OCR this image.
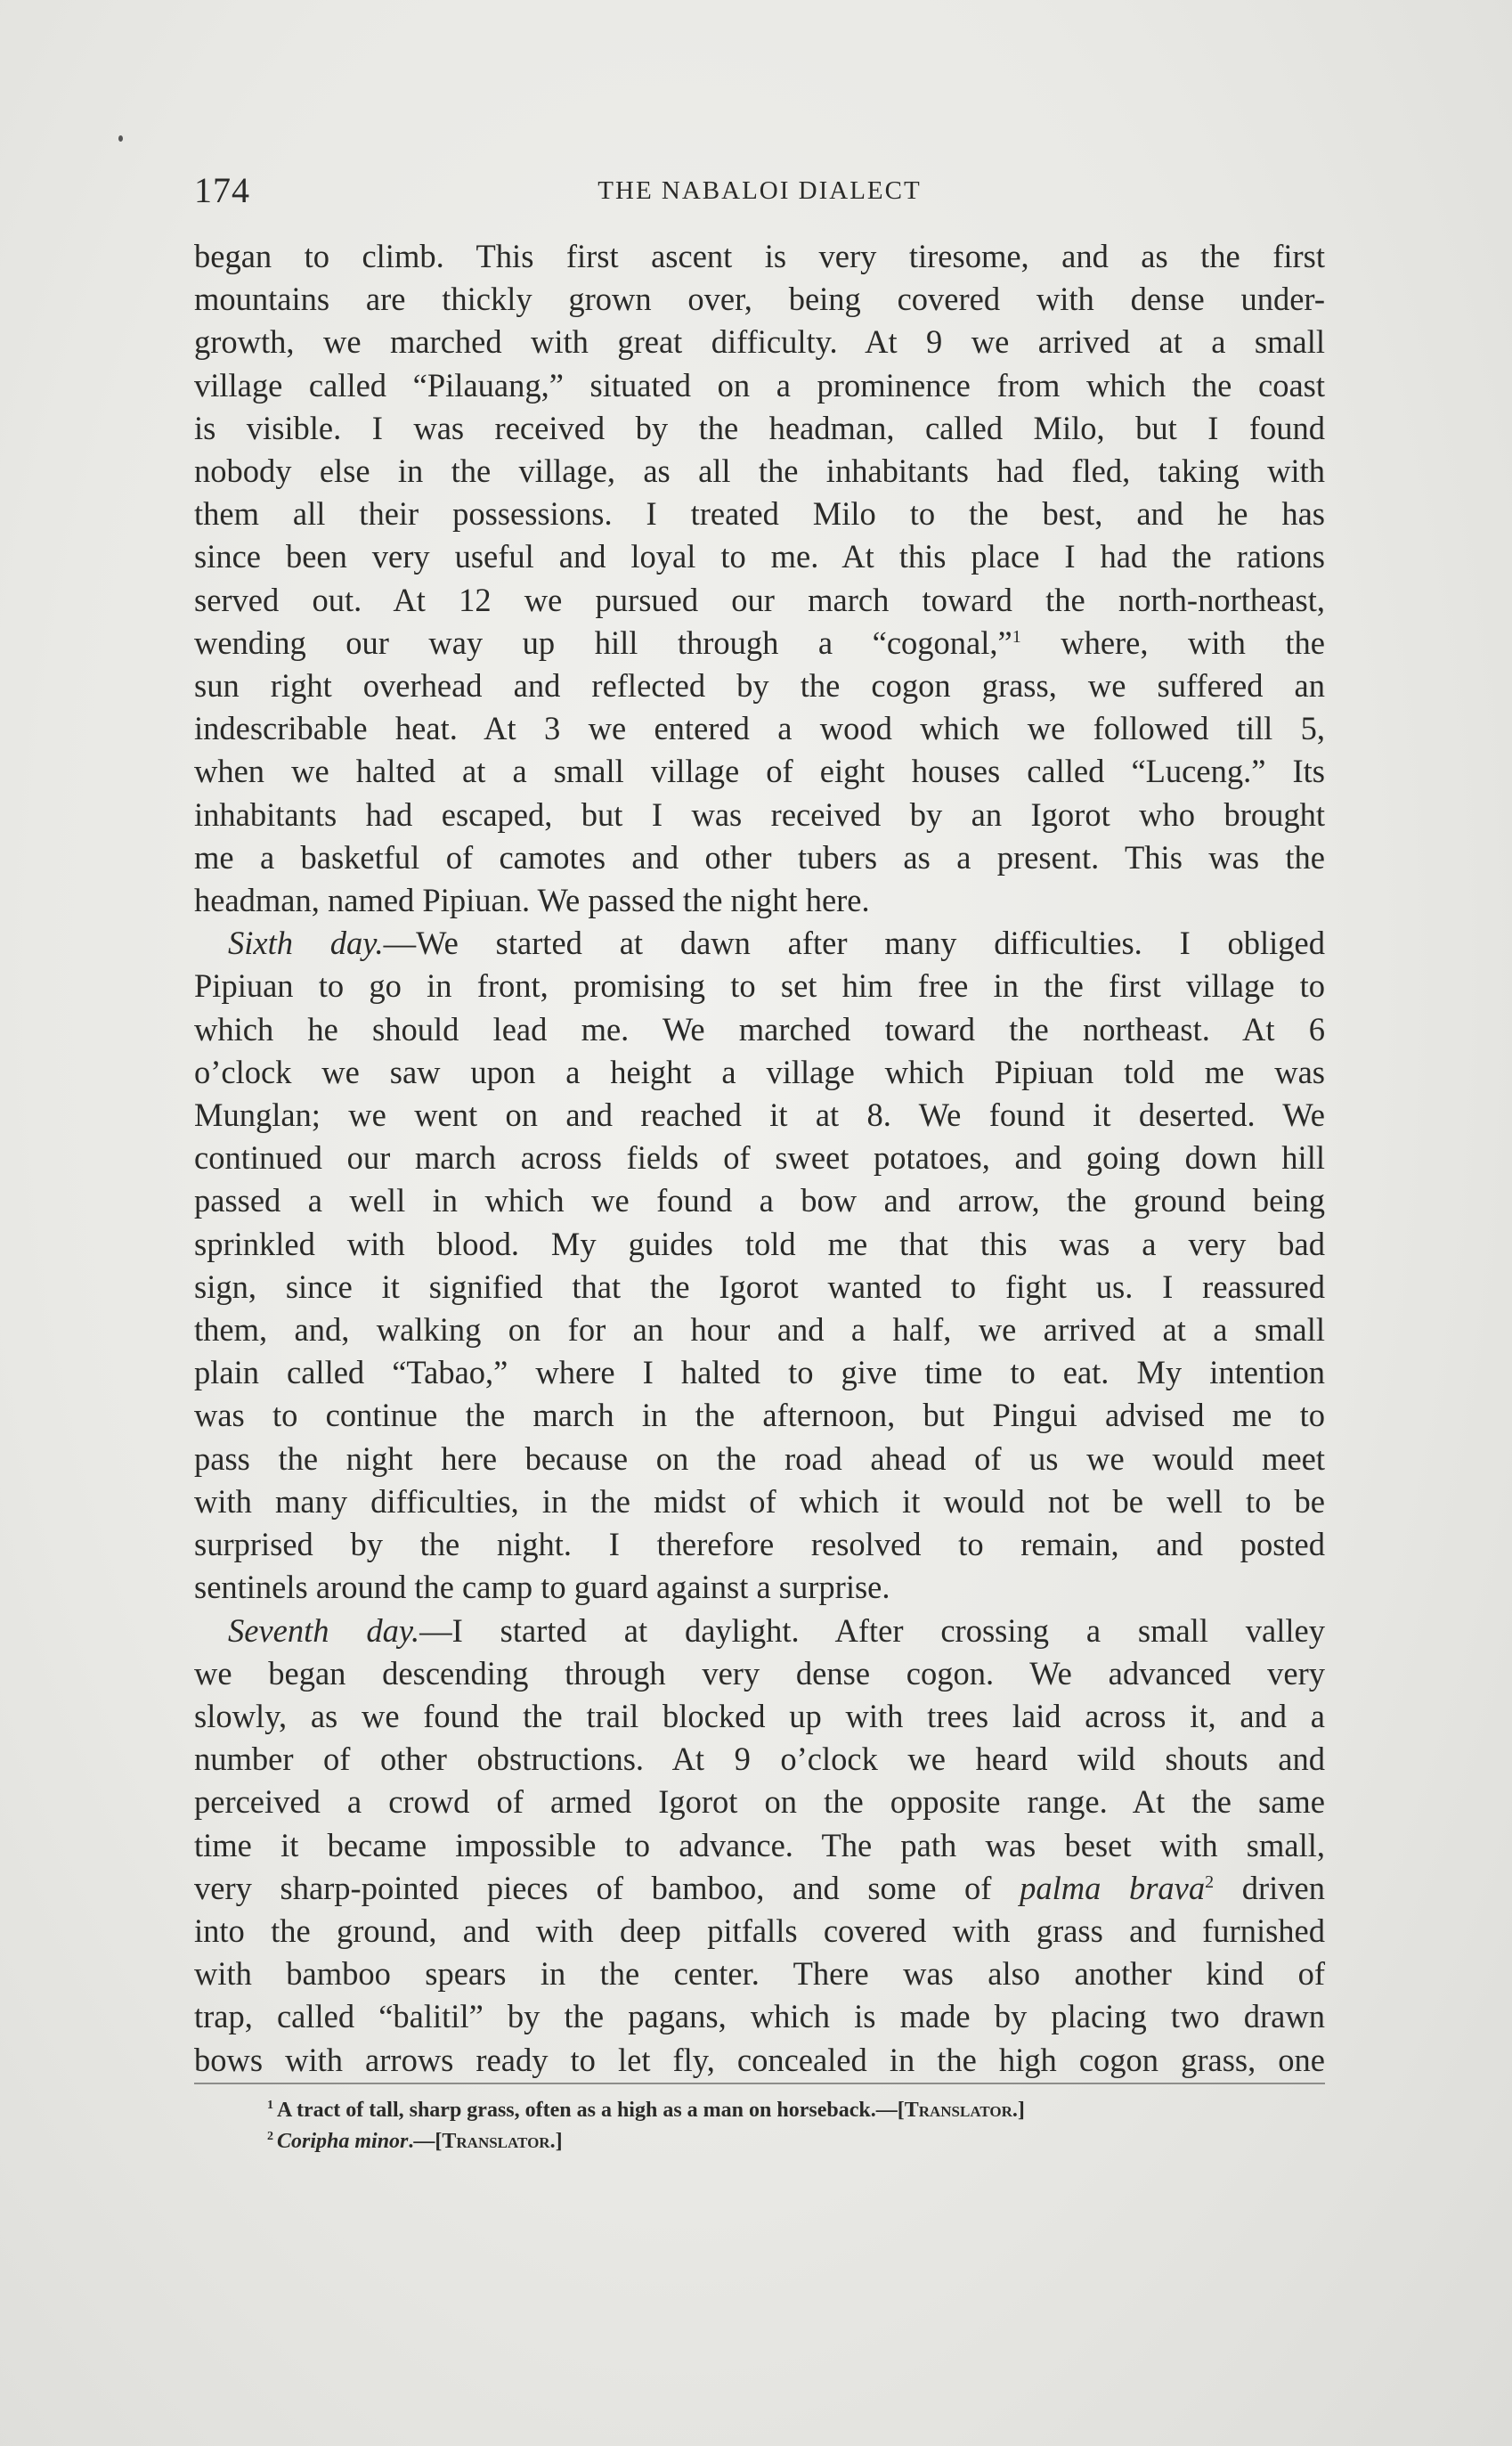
174	THE NABALOI DIALECT

began to climb. This first ascent is very tiresome, and as the first

mountains are thickly grown over, being covered with dense under-

growth, we marched with great difficulty. At 9 we arrived at a small

village called “Pilauang,” situated on a prominence from which the coast

is visible. I was received by the headman, called Milo, but I found

nobody else in the village, as all the inhabitants had fled, taking with

them all their possessions. I treated Milo to the best, and he has

since been very useful and loyal to me. At this place I had the rations

served out. At 12 we pursued our march toward the north-northeast,

wending our way up hill through a “cogonal,”$^1$ where, with the

sun right overhead and reflected by the cogon grass, we suffered an

indescribable heat. At 3 we entered a wood which we followed till 5,

when we halted at a small village of eight houses called “Luceng.” Its

inhabitants had escaped, but I was received by an Igorot who brought

me a basketful of camotes and other tubers as a present. This was the

headman, named Pipiuan. We passed the night here.

Sixth day.—We started at dawn after many difficulties. I obliged

Pipiuan to go in front, promising to set him free in the first village to

which he should lead me. We marched toward the northeast. At 6

o’clock we saw upon a height a village which Pipiuan told me was

Munglan; we went on and reached it at 8. We found it deserted. We

continued our march across fields of sweet potatoes, and going down hill

passed a well in which we found a bow and arrow, the ground being

sprinkled with blood. My guides told me that this was a very bad

sign, since it signified that the Igorot wanted to fight us. I reassured

them, and, walking on for an hour and a half, we arrived at a small

plain called “Tabao,” where I halted to give time to eat. My intention

was to continue the march in the afternoon, but Pingui advised me to

pass the night here because on the road ahead of us we would meet

with many difficulties, in the midst of which it would not be well to be

surprised by the night. I therefore resolved to remain, and posted

sentinels around the camp to guard against a surprise.

Seventh day.—I started at daylight. After crossing a small valley

we began descending through very dense cogon. We advanced very

slowly, as we found the trail blocked up with trees laid across it, and a

number of other obstructions. At 9 o’clock we heard wild shouts and

perceived a crowd of armed Igorot on the opposite range. At the same

time it became impossible to advance. The path was beset with small,

very sharp-pointed pieces of bamboo, and some of palma brava$^2$ driven

into the ground, and with deep pitfalls covered with grass and furnished

with bamboo spears in the center. There was also another kind of

trap, called “balitil” by the pagans, which is made by placing two drawn

bows with arrows ready to let fly, concealed in the high cogon grass, one

$^1$ A tract of tall, sharp grass, often as a high as a man on horseback.—[Translator.]

$^2$ Coripha minor.—[Translator.]
